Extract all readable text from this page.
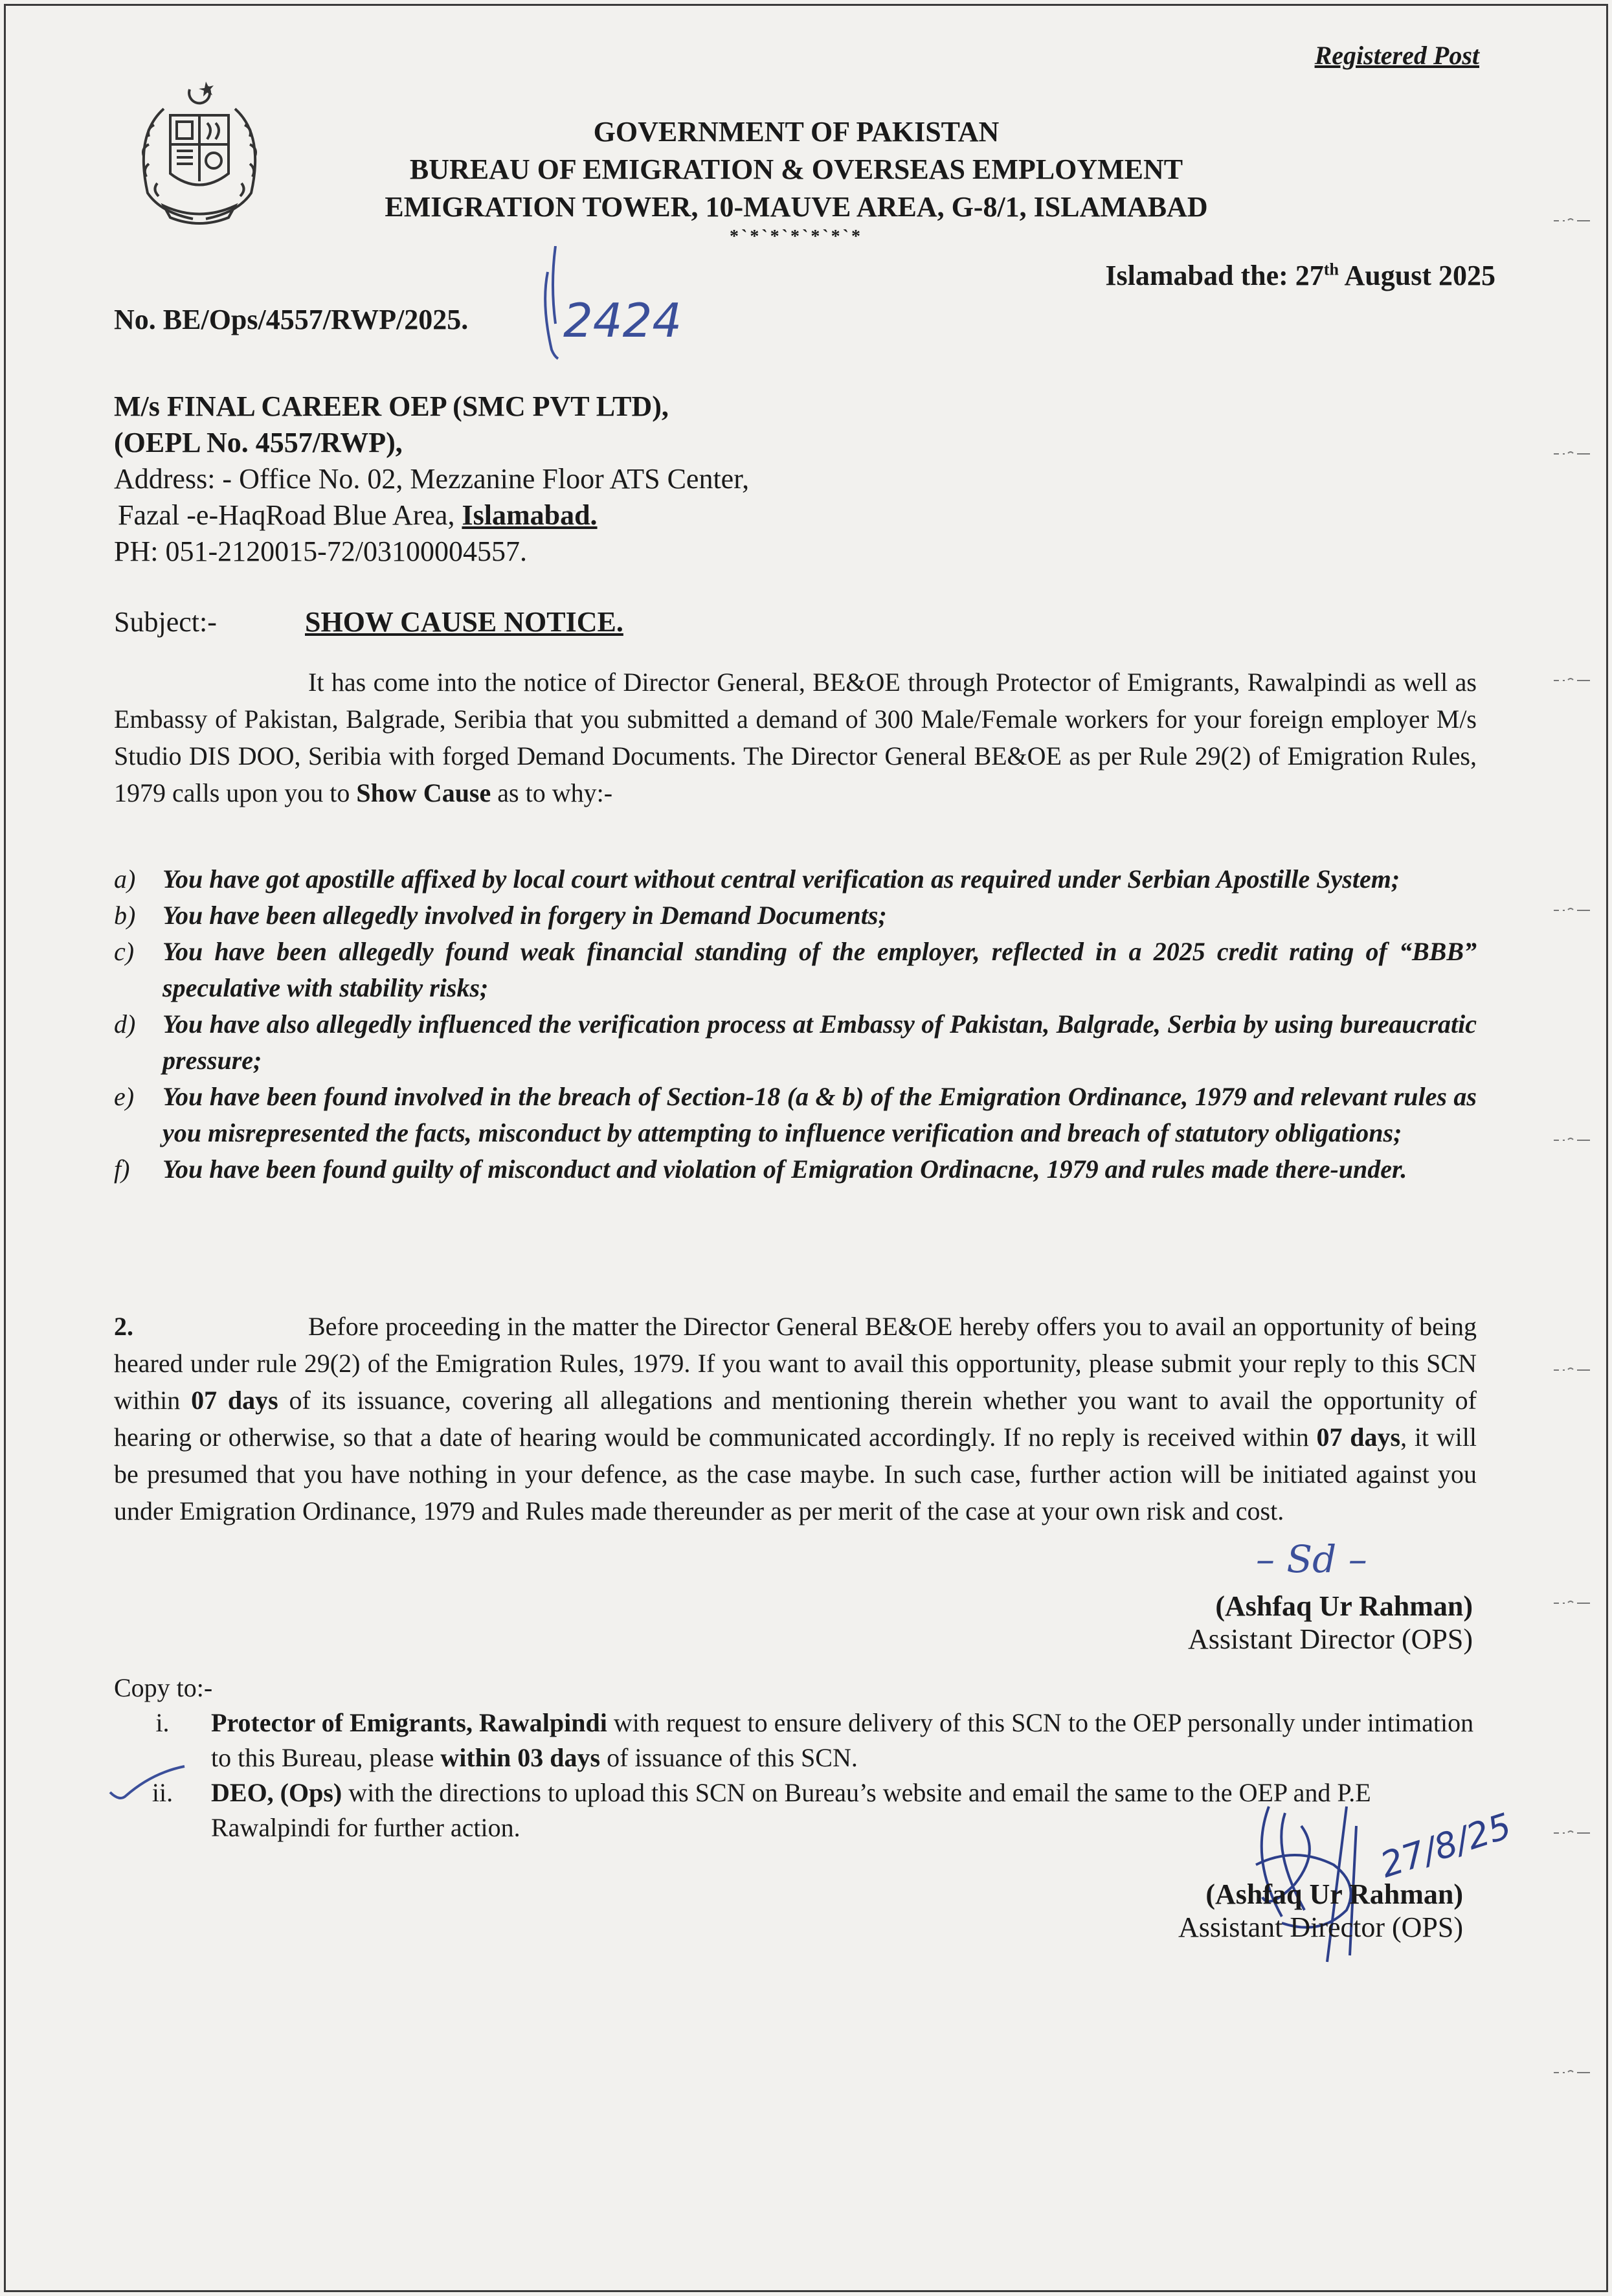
Registered Post
GOVERNMENT OF PAKISTAN
BUREAU OF EMIGRATION & OVERSEAS EMPLOYMENT
EMIGRATION TOWER, 10-MAUVE AREA, G-8/1, ISLAMABAD
*`*`*`*`*`*`*
Islamabad the: 27th August 2025
No. BE/Ops/4557/RWP/2025. 2424
M/s FINAL CAREER OEP (SMC PVT LTD),
(OEPL No. 4557/RWP),
Address: - Office No. 02, Mezzanine Floor ATS Center,
Fazal -e-HaqRoad Blue Area, Islamabad.
PH: 051-2120015-72/03100004557.
Subject:-	SHOW CAUSE NOTICE.
It has come into the notice of Director General, BE&OE through Protector of Emigrants, Rawalpindi as well as Embassy of Pakistan, Balgrade, Seribia that you submitted a demand of 300 Male/Female workers for your foreign employer M/s Studio DIS DOO, Seribia with forged Demand Documents. The Director General BE&OE as per Rule 29(2) of Emigration Rules, 1979 calls upon you to Show Cause as to why:-
a)	You have got apostille affixed by local court without central verification as required under Serbian Apostille System;
b)	You have been allegedly involved in forgery in Demand Documents;
c)	You have been allegedly found weak financial standing of the employer, reflected in a 2025 credit rating of “BBB” speculative with stability risks;
d)	You have also allegedly influenced the verification process at Embassy of Pakistan, Balgrade, Serbia by using bureaucratic pressure;
e)	You have been found involved in the breach of Section-18 (a & b) of the Emigration Ordinance, 1979 and relevant rules as you misrepresented the facts, misconduct by attempting to influence verification and breach of statutory obligations;
f)	You have been found guilty of misconduct and violation of Emigration Ordinacne, 1979 and rules made there-under.
2.	Before proceeding in the matter the Director General BE&OE hereby offers you to avail an opportunity of being heared under rule 29(2) of the Emigration Rules, 1979. If you want to avail this opportunity, please submit your reply to this SCN within 07 days of its issuance, covering all allegations and mentioning therein whether you want to avail the opportunity of hearing or otherwise, so that a date of hearing would be communicated accordingly. If no reply is received within 07 days, it will be presumed that you have nothing in your defence, as the case maybe. In such case, further action will be initiated against you under Emigration Ordinance, 1979 and Rules made thereunder as per merit of the case at your own risk and cost.
– Sd –
(Ashfaq Ur Rahman)
Assistant Director (OPS)
Copy to:-
i.	Protector of Emigrants, Rawalpindi with request to ensure delivery of this SCN to the OEP personally under intimation to this Bureau, please within 03 days of issuance of this SCN.
ii.	DEO, (Ops) with the directions to upload this SCN on Bureau’s website and email the same to the OEP and P.E Rawalpindi for further action.	27/8/25
(Ashfaq Ur Rahman)
Assistant Director (OPS)
